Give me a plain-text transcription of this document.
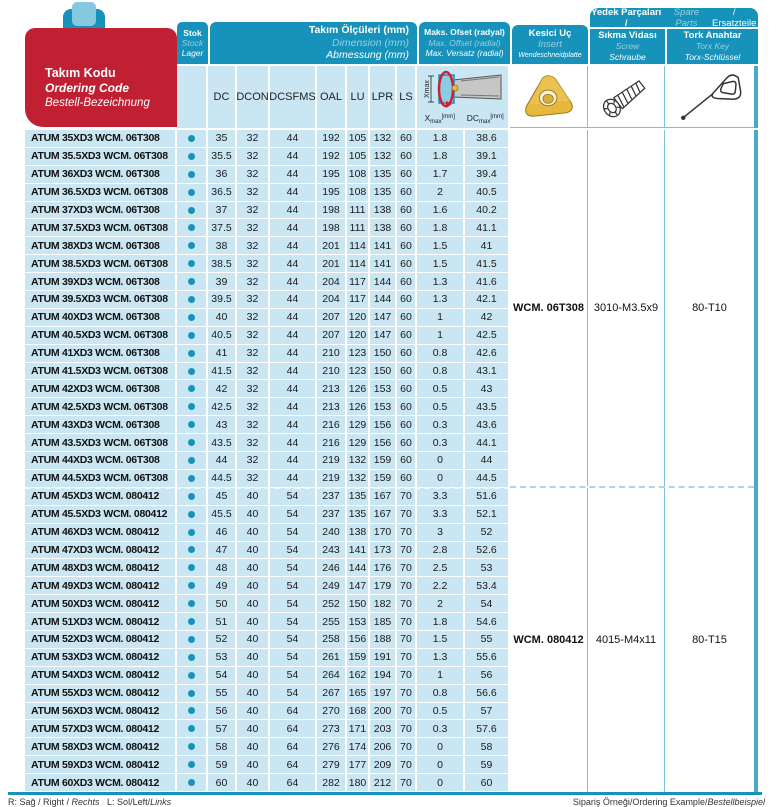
Takım Kodu
Ordering Code
Bestell-Bezeichnung
Stok
Stock
Lager
Takım Ölçüleri (mm)
Dimension (mm)
Abmessung (mm)
Maks. Ofset (radyal)
Max. Offset (radial)
Max. Versatz (radial)
Kesici Uç
Insert
Wendeschneidplatte
Yedek Parçaları /
Spare Parts
/ Ersatzteile
Sıkma Vidası
Screw
Schraube
Tork Anahtar
Torx Key
Torx-Schlüssel
DC DCON DCSFMS OAL LU LPR LS	Xmax
$X_{max}[mm]$	$DC_{max}[mm]$
ATUM 35XD3 WCM. 06T308	35	32	44	192 105 132 60	1.8	38.6
ATUM 35.5XD3 WCM. 06T308	35.5	32	44	192 105 132 60	1.8	39.1
ATUM 36XD3 WCM. 06T308	36	32	44	195 108 135 60	1.7	39.4
ATUM 36.5XD3 WCM. 06T308	36.5	32	44	195 108 135 60	2	40.5
ATUM 37XD3 WCM. 06T308	37	32	44	198 111 138 60	1.6	40.2
ATUM 37.5XD3 WCM. 06T308	37.5	32	44	198 111 138 60	1.8	41.1
ATUM 38XD3 WCM. 06T308	38	32	44	201 114 141 60	1.5	41
ATUM 38.5XD3 WCM. 06T308	38.5	32	44	201 114 141 60	1.5	41.5
ATUM 39XD3 WCM. 06T308	39	32	44	204 117 144 60	1.3	41.6
ATUM 39.5XD3 WCM. 06T308	39.5	32	44	204 117 144 60	1.3	42.1
ATUM 40XD3 WCM. 06T308	40	32	44	207 120 147 60	1	42
ATUM 40.5XD3 WCM. 06T308	40.5	32	44	207 120 147 60	1	42.5
ATUM 41XD3 WCM. 06T308	41	32	44	210 123 150 60	0.8	42.6
ATUM 41.5XD3 WCM. 06T308	41.5	32	44	210 123 150 60	0.8	43.1
ATUM 42XD3 WCM. 06T308	42	32	44	213 126 153 60	0.5	43
ATUM 42.5XD3 WCM. 06T308	42.5	32	44	213 126 153 60	0.5	43.5
ATUM 43XD3 WCM. 06T308	43	32	44	216 129 156 60	0.3	43.6
ATUM 43.5XD3 WCM. 06T308	43.5	32	44	216 129 156 60	0.3	44.1
ATUM 44XD3 WCM. 06T308	44	32	44	219 132 159 60	0	44
ATUM 44.5XD3 WCM. 06T308	44.5	32	44	219 132 159 60	0	44.5
ATUM 45XD3 WCM. 080412	45	40	54	237 135 167 70	3.3	51.6
ATUM 45.5XD3 WCM. 080412	45.5	40	54	237 135 167 70	3.3	52.1
ATUM 46XD3 WCM. 080412	46	40	54	240 138 170 70	3	52
ATUM 47XD3 WCM. 080412	47	40	54	243 141 173 70	2.8	52.6
ATUM 48XD3 WCM. 080412	48	40	54	246 144 176 70	2.5	53
ATUM 49XD3 WCM. 080412	49	40	54	249 147 179 70	2.2	53.4
ATUM 50XD3 WCM. 080412	50	40	54	252 150 182 70	2	54
ATUM 51XD3 WCM. 080412	51	40	54	255 153 185 70	1.8	54.6
ATUM 52XD3 WCM. 080412	52	40	54	258 156 188 70	1.5	55
ATUM 53XD3 WCM. 080412	53	40	54	261 159 191 70	1.3	55.6
ATUM 54XD3 WCM. 080412	54	40	54	264 162 194 70	1	56
ATUM 55XD3 WCM. 080412	55	40	54	267 165 197 70	0.8	56.6
ATUM 56XD3 WCM. 080412	56	40	64	270 168 200 70	0.5	57
ATUM 57XD3 WCM. 080412	57	40	64	273 171 203 70	0.3	57.6
ATUM 58XD3 WCM. 080412	58	40	64	276 174 206 70	0	58
ATUM 59XD3 WCM. 080412	59	40	64	279 177 209 70	0	59
ATUM 60XD3 WCM. 080412	60	40	64	282 180 212 70	0	60
WCM. 06T308 3010-M3.5x9	80-T10
WCM. 080412	4015-M4x11	80-T15
R: Sağ / Right / Rechts   L: Sol/Left/Links	Sipariş Örneği/Ordering Example/Bestellbeispiel
